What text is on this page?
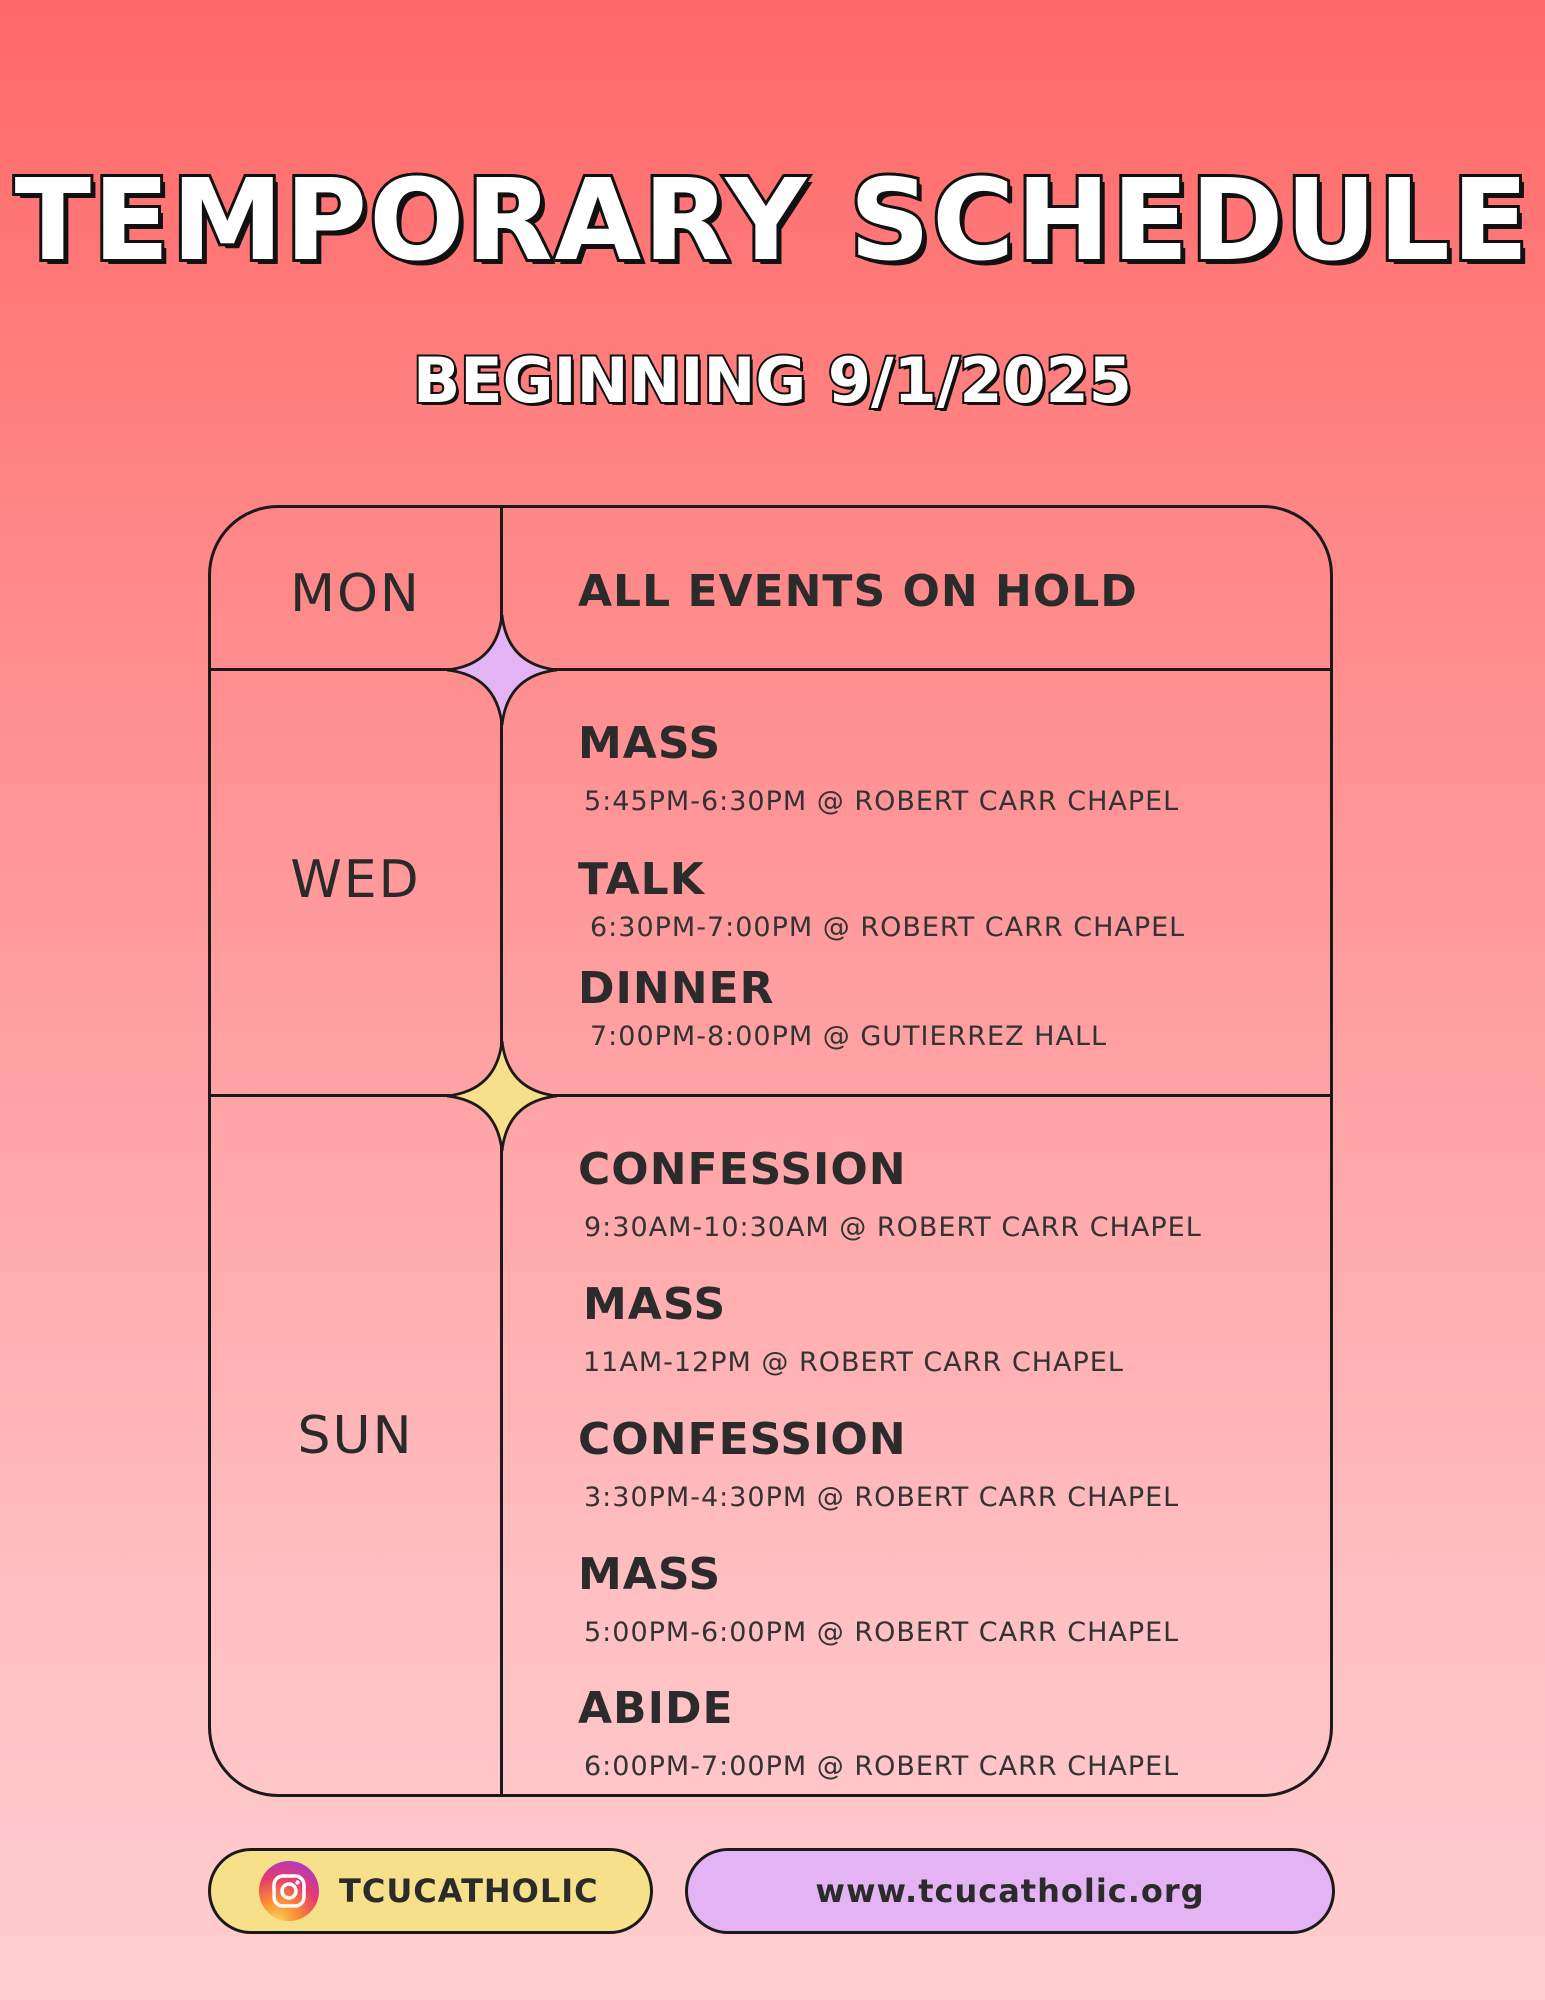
TEMPORARY SCHEDULE
BEGINNING 9/1/2025
MON	ALL EVENTS ON HOLD
WED
MASS
5:45PM-6:30PM @ ROBERT CARR CHAPEL
TALK
6:30PM-7:00PM @ ROBERT CARR CHAPEL
DINNER
7:00PM-8:00PM @ GUTIERREZ HALL
SUN
CONFESSION
9:30AM-10:30AM @ ROBERT CARR CHAPEL
MASS
11AM-12PM @ ROBERT CARR CHAPEL
CONFESSION
3:30PM-4:30PM @ ROBERT CARR CHAPEL
MASS
5:00PM-6:00PM @ ROBERT CARR CHAPEL
ABIDE
6:00PM-7:00PM @ ROBERT CARR CHAPEL
TCUCATHOLIC	www.tcucatholic.org
